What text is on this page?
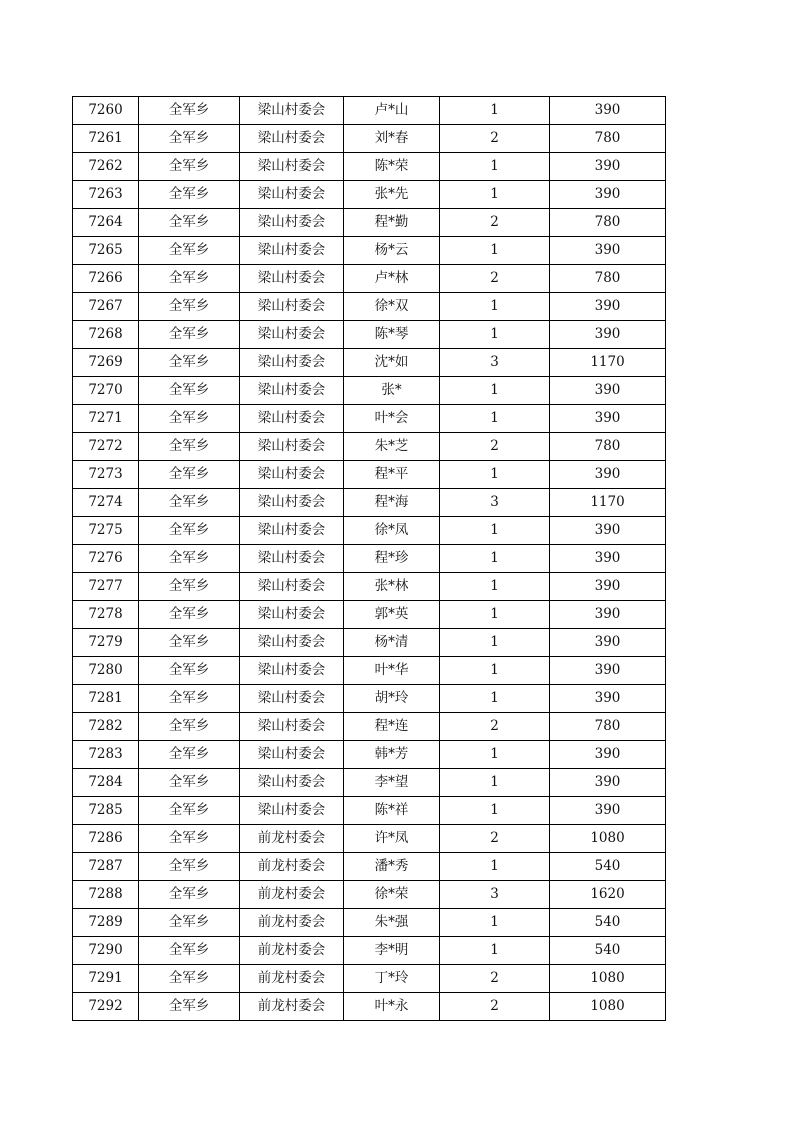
7260	全军乡	梁山村委会	卢*山	1	390
7261	全军乡	梁山村委会	刘*春	2	780
7262	全军乡	梁山村委会	陈*荣	1	390
7263	全军乡	梁山村委会	张*先	1	390
7264	全军乡	梁山村委会	程*勤	2	780
7265	全军乡	梁山村委会	杨*云	1	390
7266	全军乡	梁山村委会	卢*林	2	780
7267	全军乡	梁山村委会	徐*双	1	390
7268	全军乡	梁山村委会	陈*琴	1	390
7269	全军乡	梁山村委会	沈*如	3	1170
7270	全军乡	梁山村委会	张*	1	390
7271	全军乡	梁山村委会	叶*会	1	390
7272	全军乡	梁山村委会	朱*芝	2	780
7273	全军乡	梁山村委会	程*平	1	390
7274	全军乡	梁山村委会	程*海	3	1170
7275	全军乡	梁山村委会	徐*凤	1	390
7276	全军乡	梁山村委会	程*珍	1	390
7277	全军乡	梁山村委会	张*林	1	390
7278	全军乡	梁山村委会	郭*英	1	390
7279	全军乡	梁山村委会	杨*清	1	390
7280	全军乡	梁山村委会	叶*华	1	390
7281	全军乡	梁山村委会	胡*玲	1	390
7282	全军乡	梁山村委会	程*连	2	780
7283	全军乡	梁山村委会	韩*芳	1	390
7284	全军乡	梁山村委会	李*望	1	390
7285	全军乡	梁山村委会	陈*祥	1	390
7286	全军乡	前龙村委会	许*凤	2	1080
7287	全军乡	前龙村委会	潘*秀	1	540
7288	全军乡	前龙村委会	徐*荣	3	1620
7289	全军乡	前龙村委会	朱*强	1	540
7290	全军乡	前龙村委会	李*明	1	540
7291	全军乡	前龙村委会	丁*玲	2	1080
7292	全军乡	前龙村委会	叶*永	2	1080
